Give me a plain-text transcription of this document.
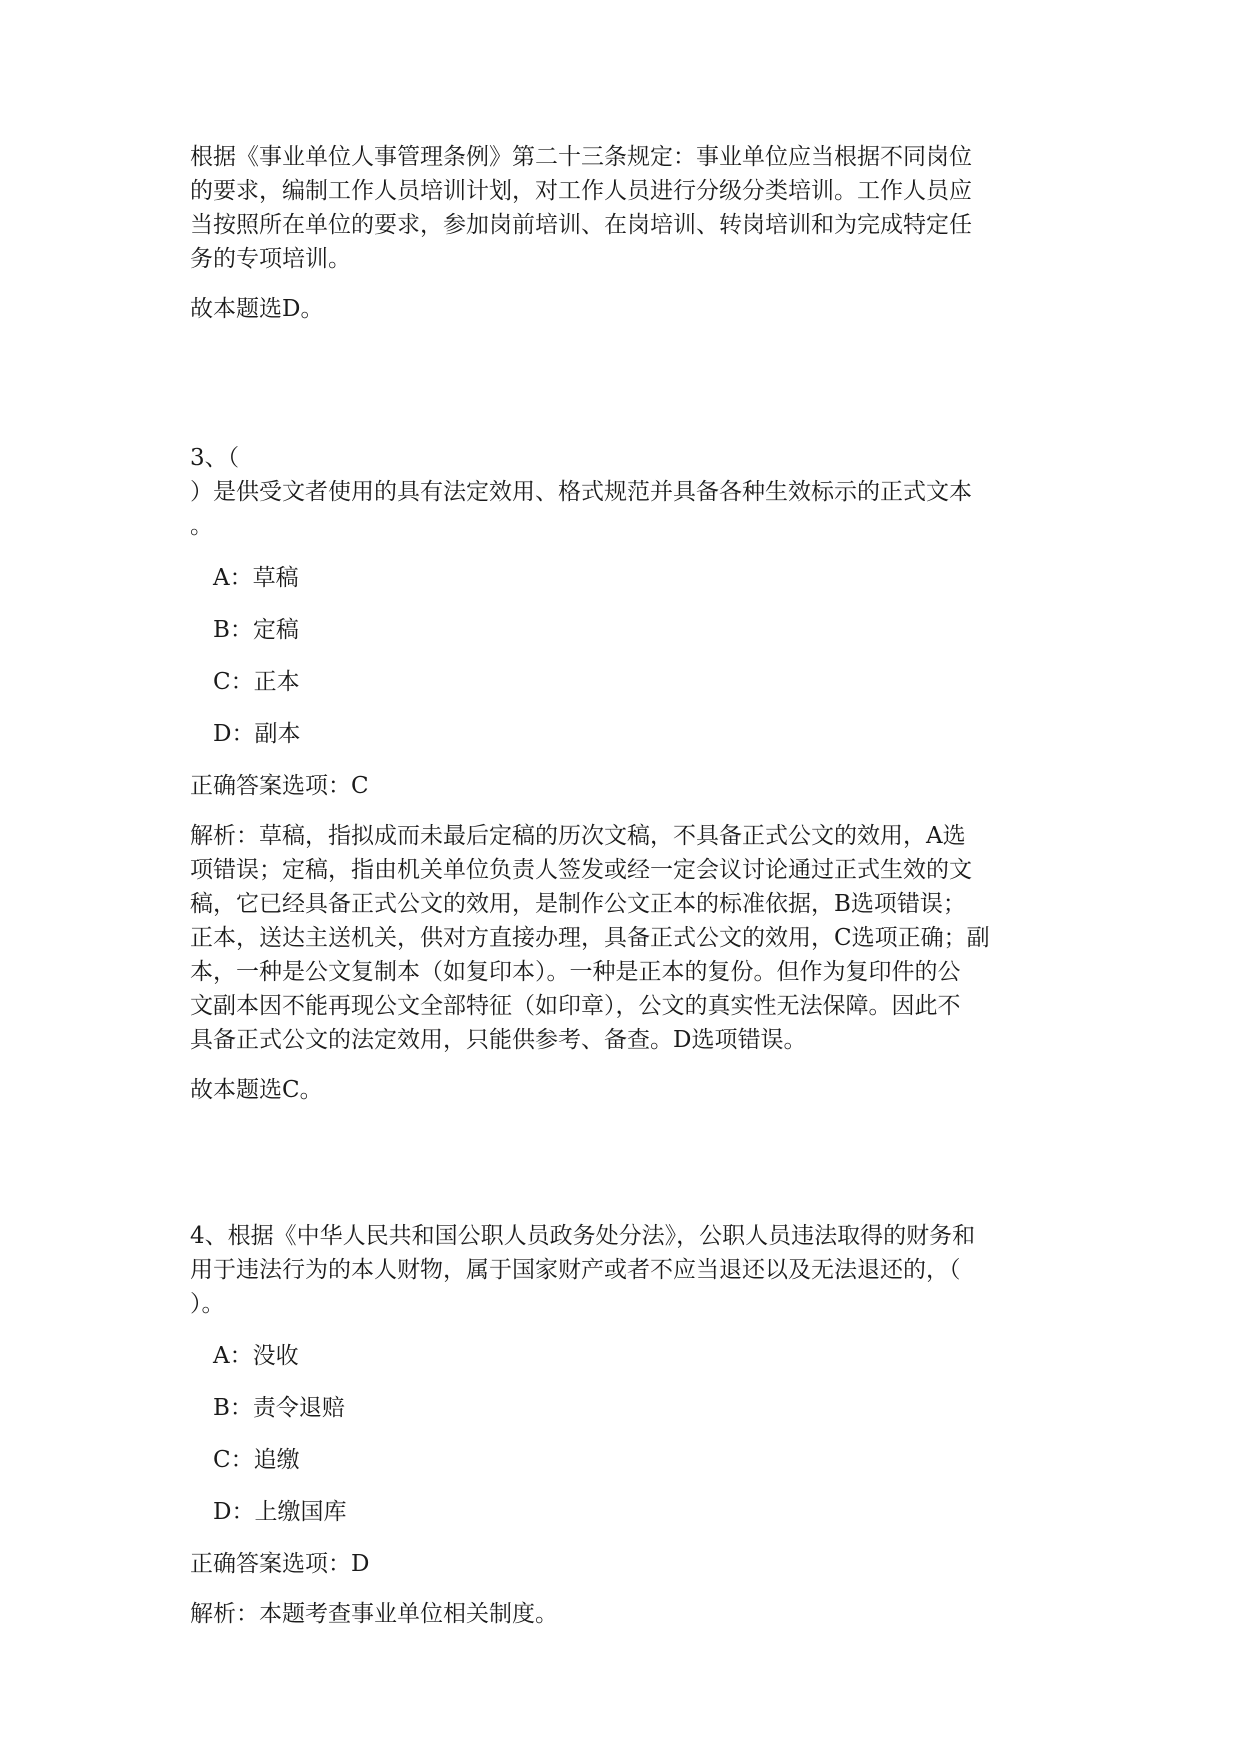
根据《事业单位人事管理条例》第二十三条规定：事业单位应当根据不同岗位
的要求，编制工作人员培训计划，对工作人员进行分级分类培训。工作人员应
当按照所在单位的要求，参加岗前培训、在岗培训、转岗培训和为完成特定任
务的专项培训。

故本题选D。

3、（
）是供受文者使用的具有法定效用、格式规范并具备各种生效标示的正式文本
。

A：草稿

B：定稿

C：正本

D：副本

正确答案选项：C

解析：草稿，指拟成而未最后定稿的历次文稿，不具备正式公文的效用，A选
项错误；定稿，指由机关单位负责人签发或经一定会议讨论通过正式生效的文
稿，它已经具备正式公文的效用，是制作公文正本的标准依据，B选项错误；
正本，送达主送机关，供对方直接办理，具备正式公文的效用，C选项正确；副
本，一种是公文复制本（如复印本）。一种是正本的复份。但作为复印件的公
文副本因不能再现公文全部特征（如印章），公文的真实性无法保障。因此不
具备正式公文的法定效用，只能供参考、备查。D选项错误。

故本题选C。

4、根据《中华人民共和国公职人员政务处分法》，公职人员违法取得的财务和
用于违法行为的本人财物，属于国家财产或者不应当退还以及无法退还的，（
）。

A：没收

B：责令退赔

C：追缴

D：上缴国库

正确答案选项：D

解析：本题考查事业单位相关制度。
